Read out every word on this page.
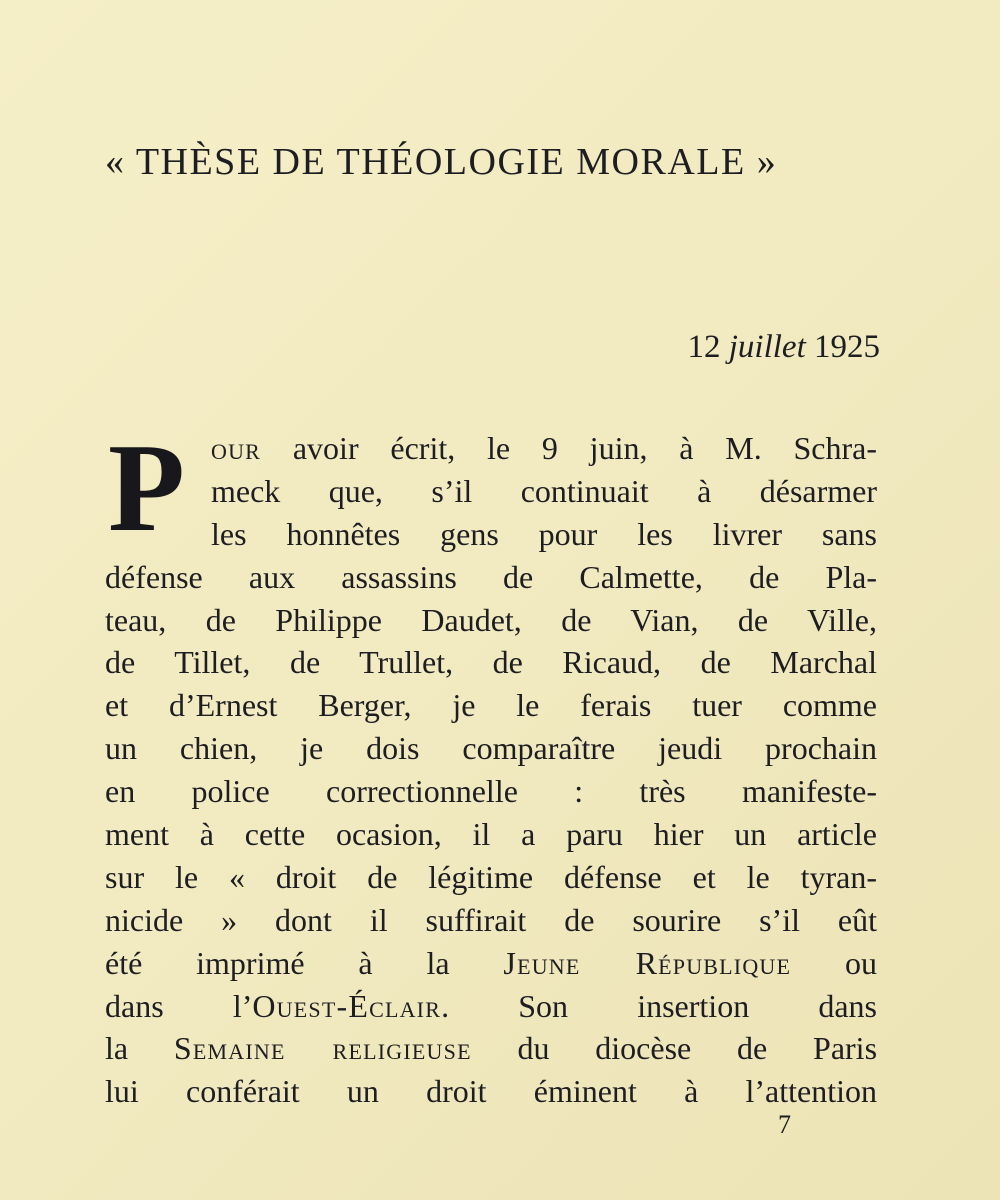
« THÈSE DE THÉOLOGIE MORALE »
12 juillet 1925
P our avoir écrit, le 9 juin, à M. Schra-
meck que, s’il continuait à désarmer
les honnêtes gens pour les livrer sans
défense aux assassins de Calmette, de Pla-
teau, de Philippe Daudet, de Vian, de Ville,
de Tillet, de Trullet, de Ricaud, de Marchal
et d’Ernest Berger, je le ferais tuer comme
un chien, je dois comparaître jeudi prochain
en police correctionnelle : très manifeste-
ment à cette ocasion, il a paru hier un article
sur le « droit de légitime défense et le tyran-
nicide » dont il suffirait de sourire s’il eût
été imprimé à la Jeune République ou
dans l’Ouest-Éclair. Son insertion dans
la Semaine religieuse du diocèse de Paris
lui conférait un droit éminent à l’attention
7
